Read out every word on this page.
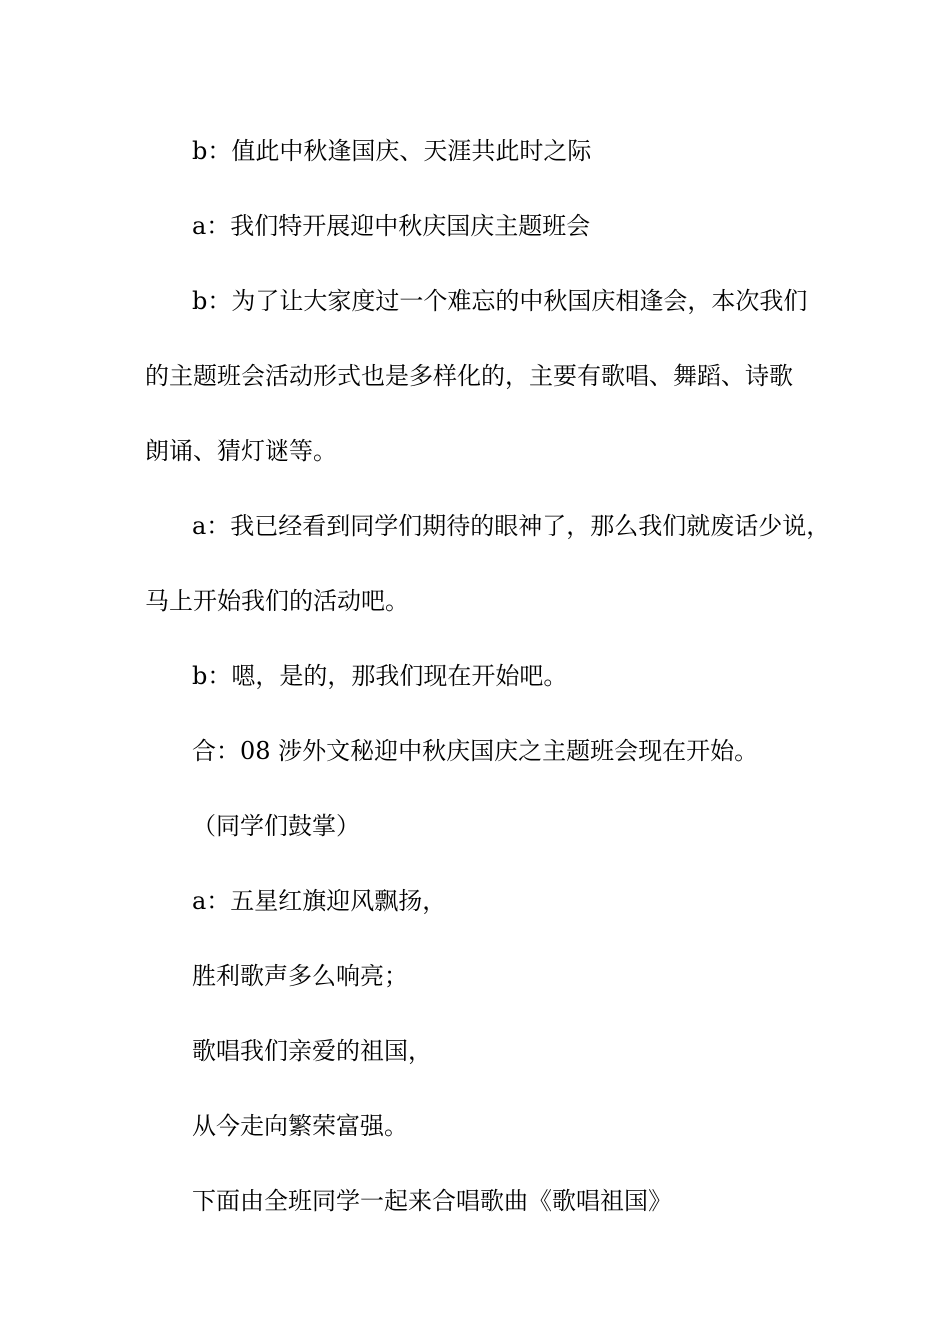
b：值此中秋逢国庆、天涯共此时之际
a：我们特开展迎中秋庆国庆主题班会
b：为了让大家度过一个难忘的中秋国庆相逢会，本次我们
的主题班会活动形式也是多样化的，主要有歌唱、舞蹈、诗歌
朗诵、猜灯谜等。
a：我已经看到同学们期待的眼神了，那么我们就废话少说，
马上开始我们的活动吧。
b：嗯，是的，那我们现在开始吧。
合：08 涉外文秘迎中秋庆国庆之主题班会现在开始。
（同学们鼓掌）
a：五星红旗迎风飘扬，
胜利歌声多么响亮；
歌唱我们亲爱的祖国，
从今走向繁荣富强。
下面由全班同学一起来合唱歌曲《歌唱祖国》
